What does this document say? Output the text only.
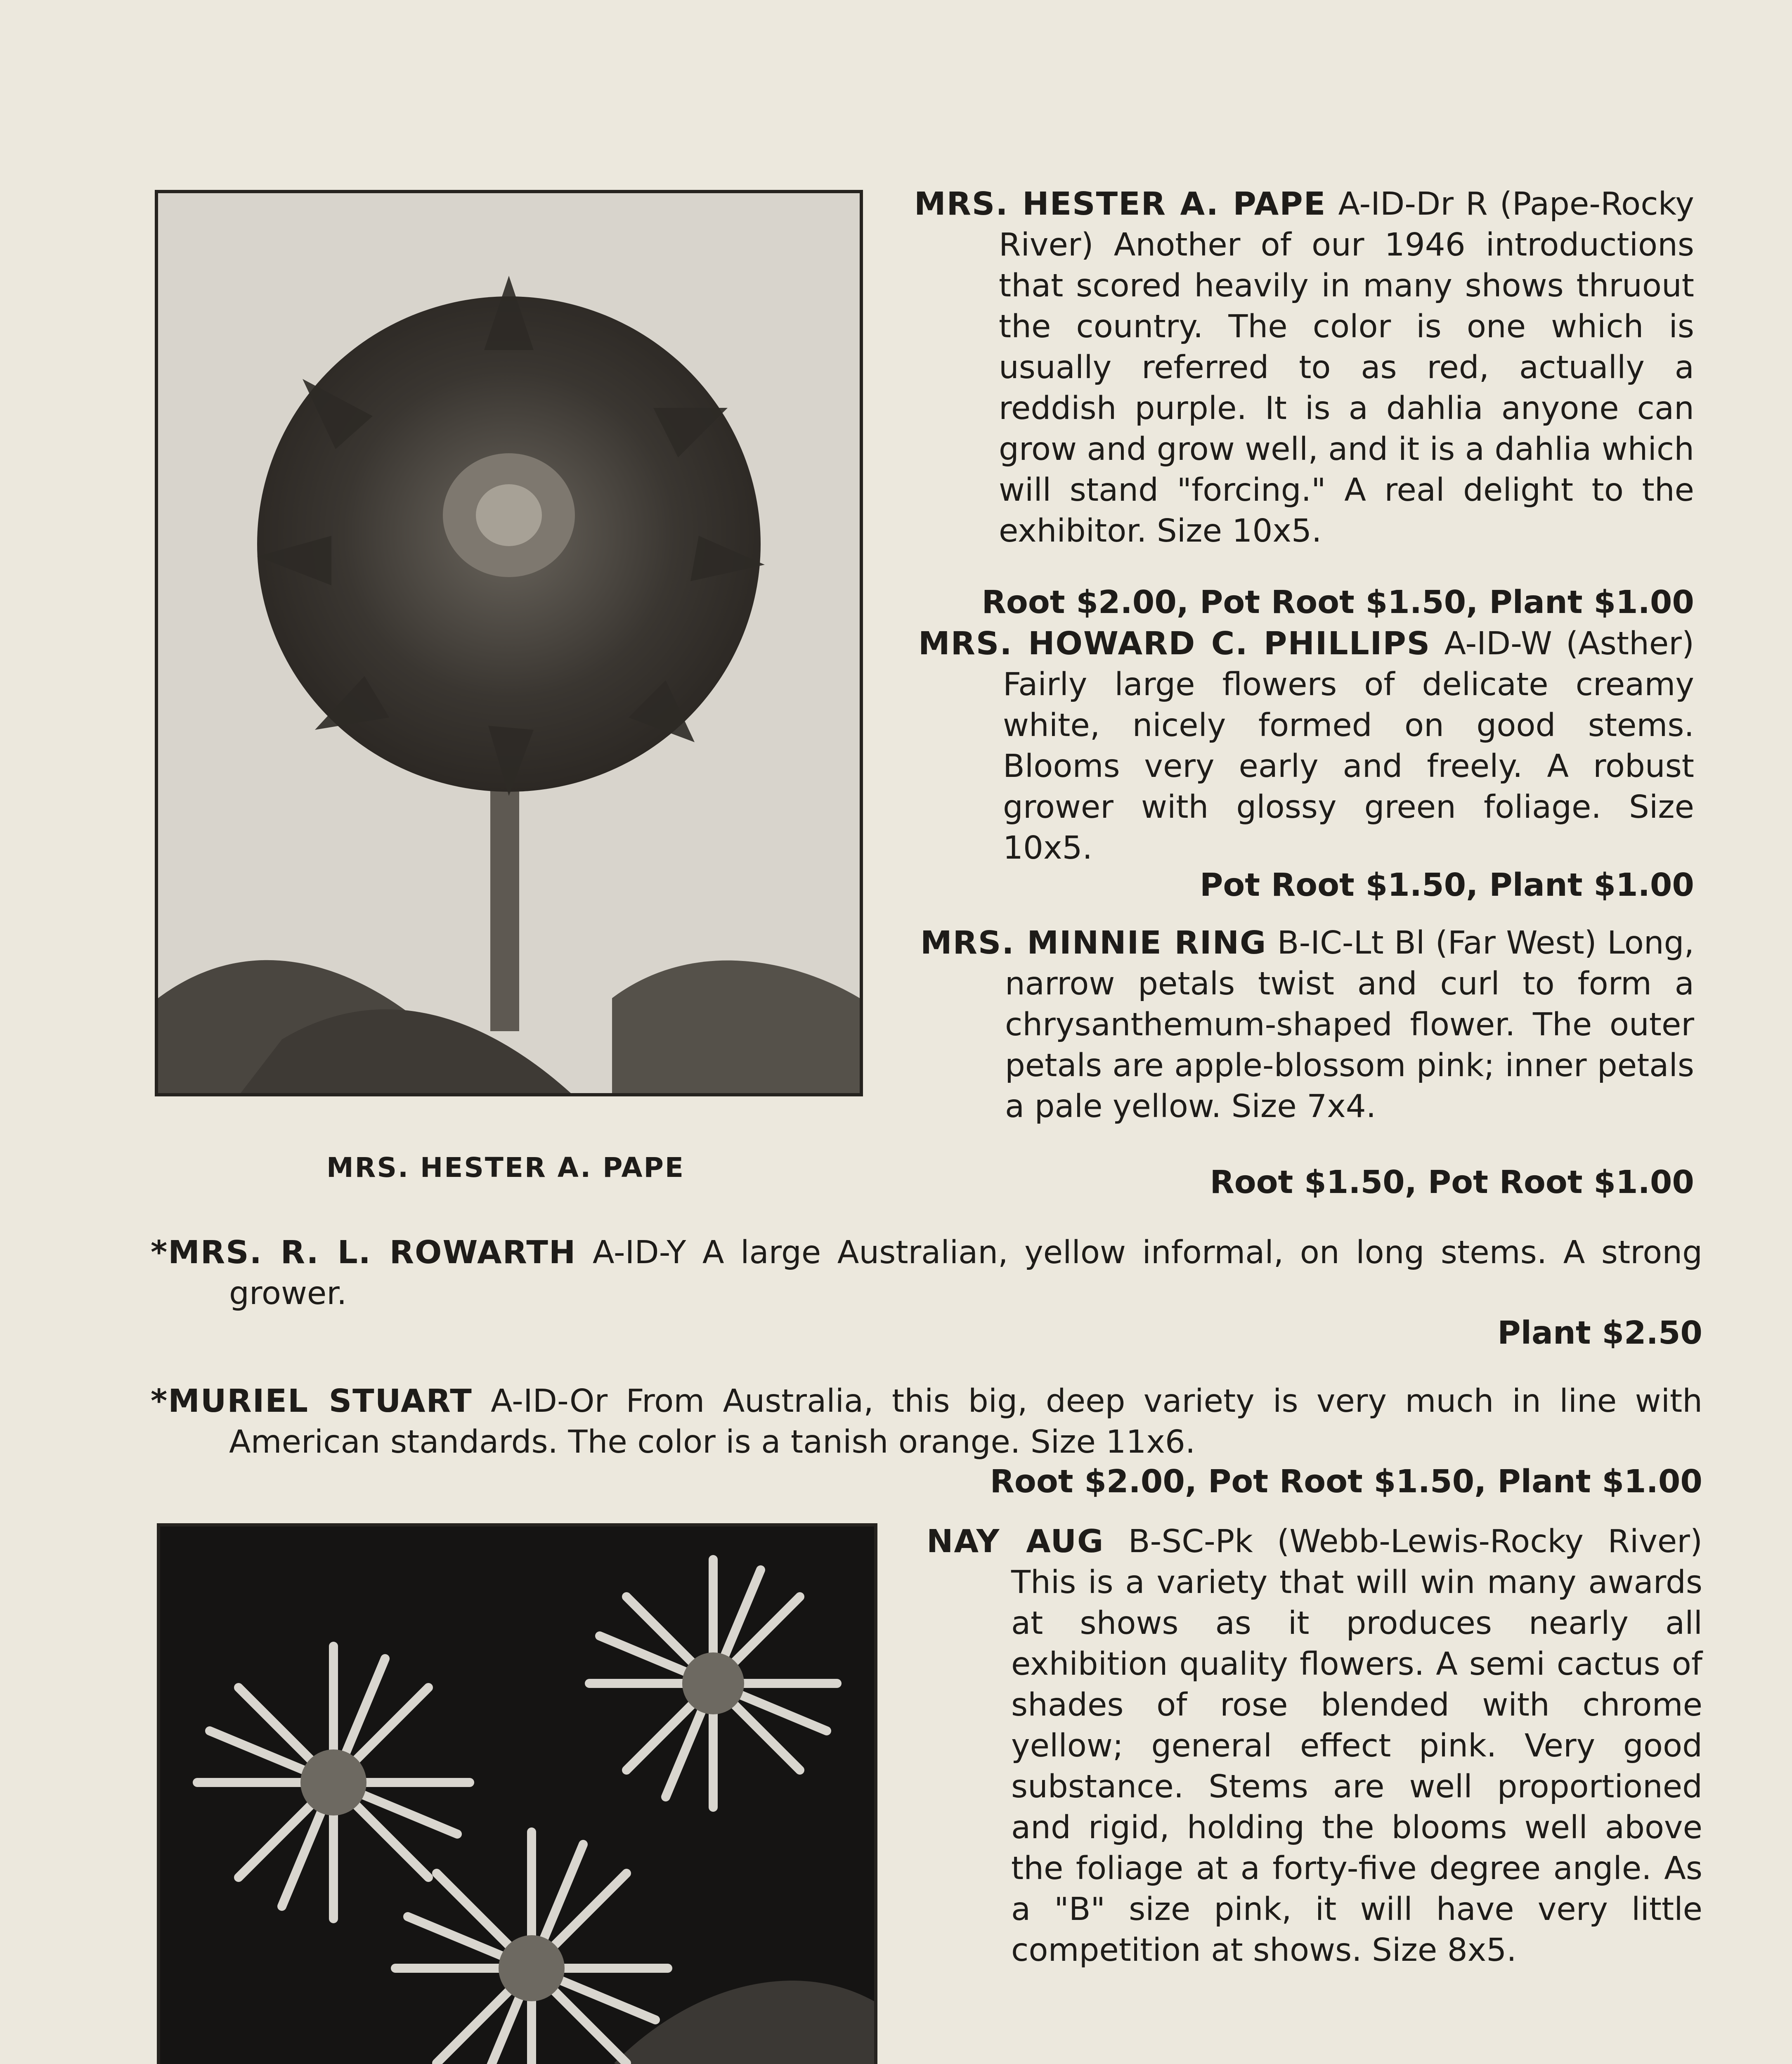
MRS. HESTER A. PAPE
MRS. HESTER A. PAPE A-ID-Dr R (Pape-Rocky River) Another of our 1946 introductions that scored heavily in many shows thruout the country. The color is one which is usually referred to as red, actually a reddish purple. It is a dahlia anyone can grow and grow well, and it is a dahlia which will stand "forcing." A real delight to the exhibitor. Size 10x5.
Root $2.00, Pot Root $1.50, Plant $1.00
MRS. HOWARD C. PHILLIPS A-ID-W (Asther) Fairly large flowers of delicate creamy white, nicely formed on good stems. Blooms very early and freely. A robust grower with glossy green foliage. Size 10x5.
Pot Root $1.50, Plant $1.00
MRS. MINNIE RING B-IC-Lt Bl (Far West) Long, narrow petals twist and curl to form a chrysanthemum-shaped flower. The outer petals are apple-blossom pink; inner petals a pale yellow. Size 7x4.
Root $1.50, Pot Root $1.00
*MRS. R. L. ROWARTH A-ID-Y A large Australian, yellow informal, on long stems. A strong grower.
Plant $2.50
*MURIEL STUART A-ID-Or From Australia, this big, deep variety is very much in line with American standards. The color is a tanish orange. Size 11x6.
Root $2.00, Pot Root $1.50, Plant $1.00
NAY AUG B-SC-Pk (Webb-Lewis-Rocky River) This is a variety that will win many awards at shows as it produces nearly all exhibition quality flowers. A semi cactus of shades of rose blended with chrome yellow; general effect pink. Very good substance. Stems are well proportioned and rigid, holding the blooms well above the foliage at a forty-five degree angle. As a "B" size pink, it will have very little competition at shows. Size 8x5.
